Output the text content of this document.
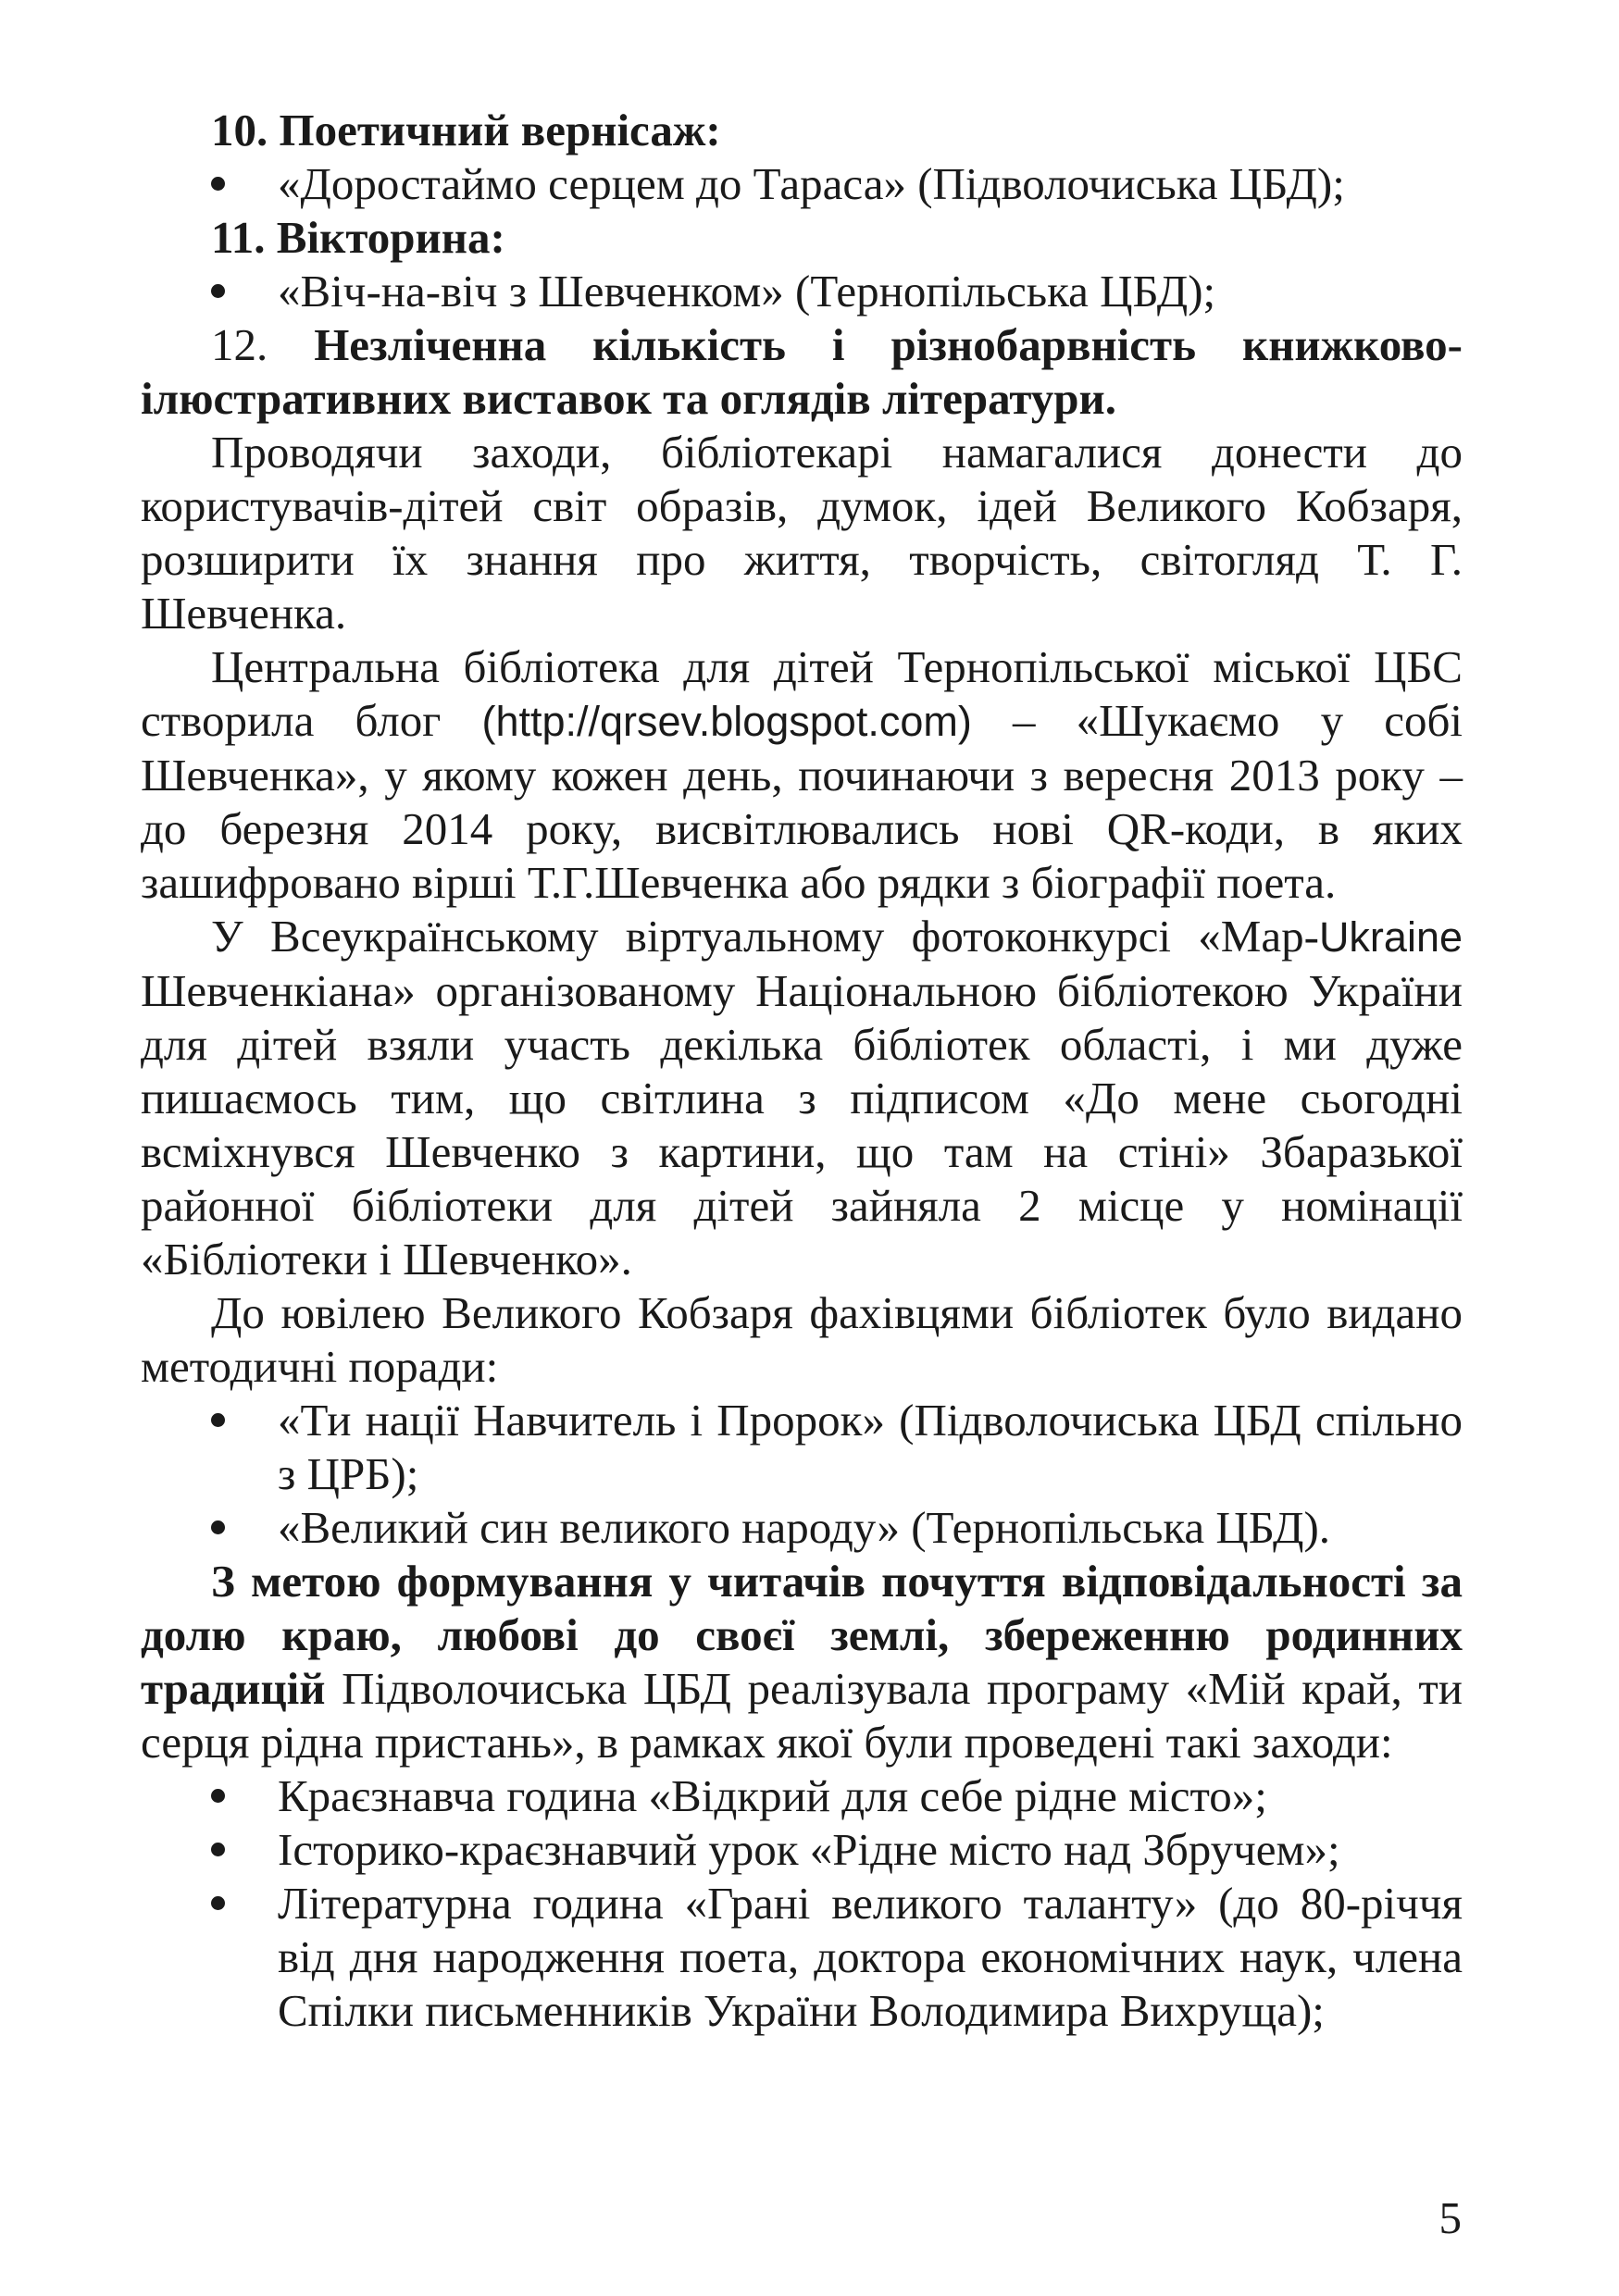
10. Поетичний вернісаж:

«Доростаймо серцем до Тараса» (Підволочиська ЦБД);

11. Вікторина:

«Віч-на-віч з Шевченком» (Тернопільська ЦБД);

12. Незліченна кількість і різнобарвність книжково-ілюстративних виставок та оглядів літератури.

Проводячи заходи, бібліотекарі намагалися донести до користувачів-дітей світ образів, думок, ідей Великого Кобзаря, розширити їх знання про життя, творчість, світогляд Т. Г. Шевченка.

Центральна бібліотека для дітей Тернопільської міської ЦБС створила блог (http://qrsev.blogspot.com) – «Шукаємо у собі Шевченка», у якому кожен день, починаючи з вересня 2013 року – до березня 2014 року, висвітлювались нові QR-коди, в яких зашифровано вірші Т.Г.Шевченка або рядки з біографії поета.

У Всеукраїнському віртуальному фотоконкурсі «Map-Ukraine Шевченкіана» організованому Національною бібліотекою України для дітей взяли участь декілька бібліотек області, і ми дуже пишаємось тим, що світлина з підписом «До мене сьогодні всміхнувся Шевченко з картини, що там на стіні» Збаразької районної бібліотеки для дітей зайняла 2 місце у номінації «Бібліотеки і Шевченко».

До ювілею Великого Кобзаря фахівцями бібліотек було видано методичні поради:

«Ти нації Навчитель і Пророк» (Підволочиська ЦБД спільно з ЦРБ);
«Великий син великого народу» (Тернопільська ЦБД).

З метою формування у читачів почуття відповідальності за долю краю, любові до своєї землі, збереженню родинних традицій Підволочиська ЦБД реалізувала програму «Мій край, ти серця рідна пристань», в рамках якої були проведені такі заходи:

Краєзнавча година «Відкрий для себе рідне місто»;
Історико-краєзнавчий урок «Рідне місто над Збручем»;
Літературна година «Грані великого таланту» (до 80-річчя від дня народження поета, доктора економічних наук, члена Спілки письменників України Володимира Вихруща);
5
